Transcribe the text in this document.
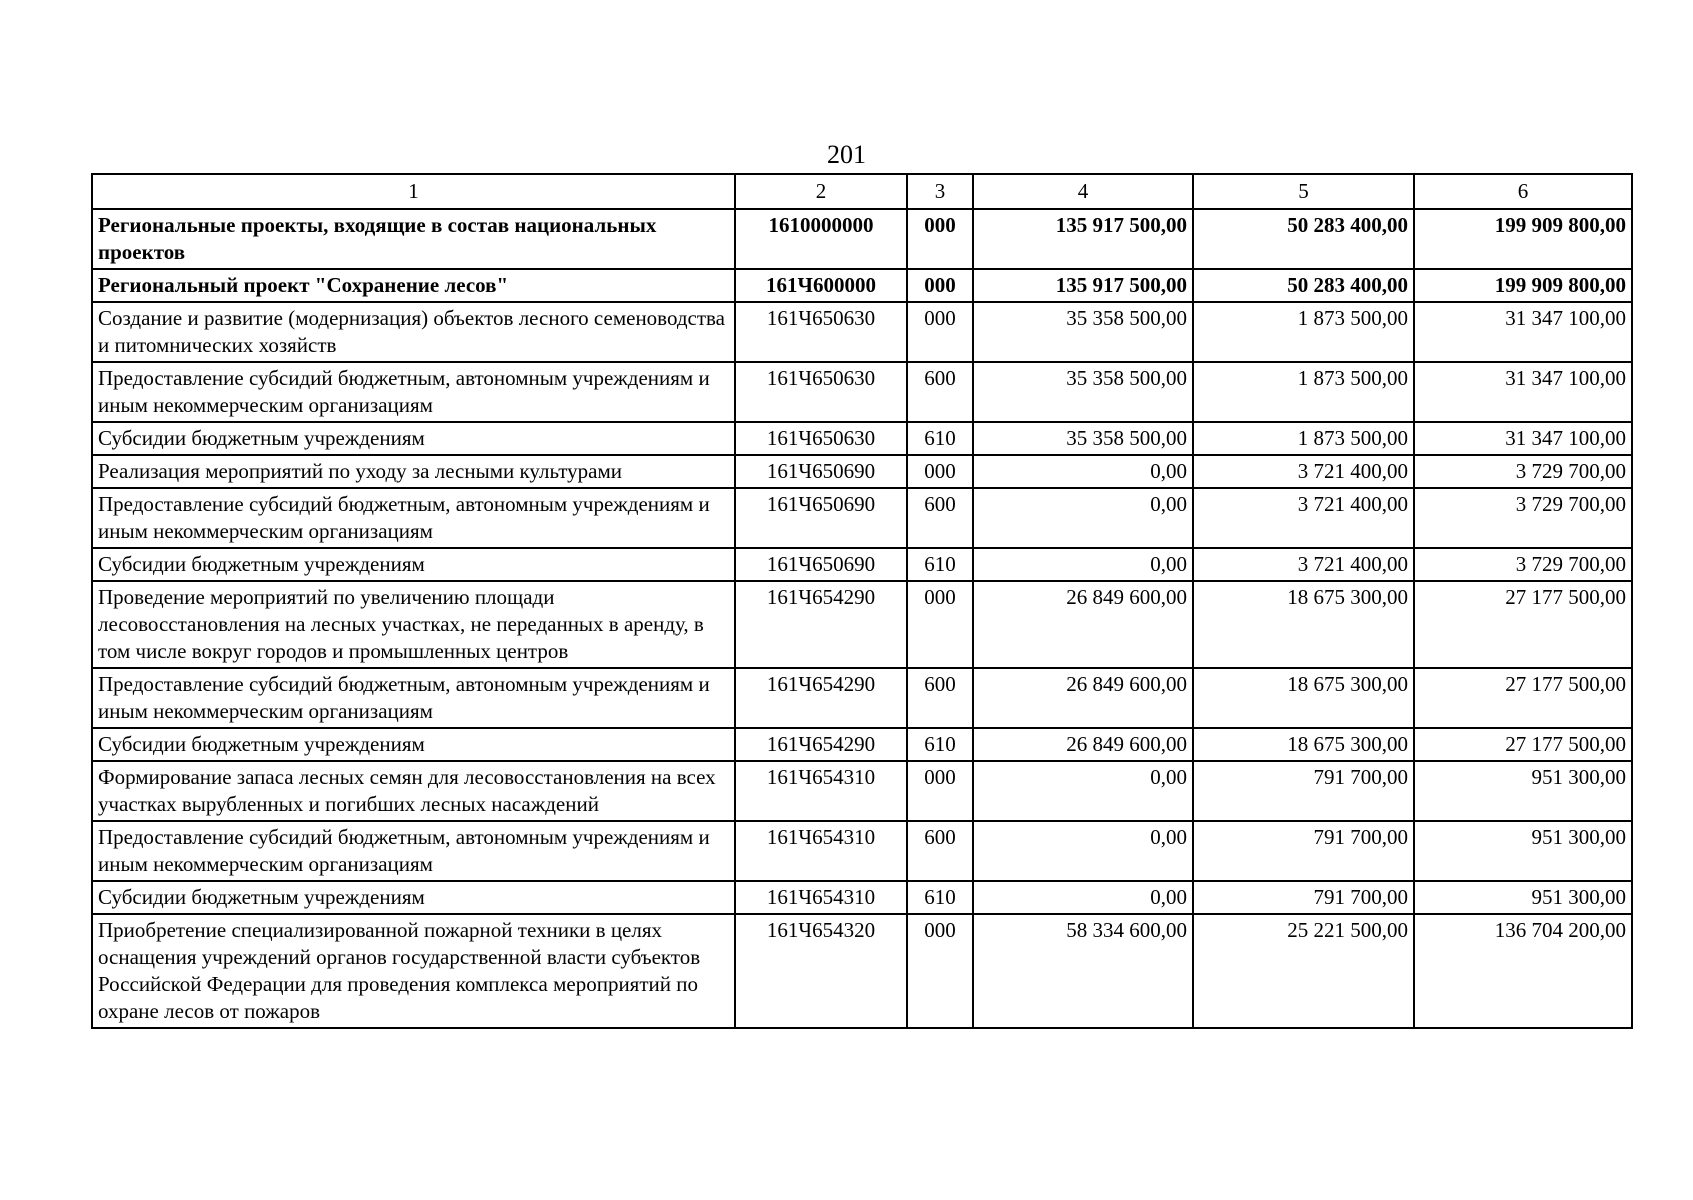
201
1	2	3	4	5	6
Региональные проекты, входящие в состав национальных проектов	1610000000	000	135 917 500,00	50 283 400,00	199 909 800,00
Региональный проект "Сохранение лесов"	161Ч600000	000	135 917 500,00	50 283 400,00	199 909 800,00
Создание и развитие (модернизация) объектов лесного семеноводства и питомнических хозяйств	161Ч650630	000	35 358 500,00	1 873 500,00	31 347 100,00
Предоставление субсидий бюджетным, автономным учреждениям и иным некоммерческим организациям	161Ч650630	600	35 358 500,00	1 873 500,00	31 347 100,00
Субсидии бюджетным учреждениям	161Ч650630	610	35 358 500,00	1 873 500,00	31 347 100,00
Реализация мероприятий по уходу за лесными культурами	161Ч650690	000	0,00	3 721 400,00	3 729 700,00
Предоставление субсидий бюджетным, автономным учреждениям и иным некоммерческим организациям	161Ч650690	600	0,00	3 721 400,00	3 729 700,00
Субсидии бюджетным учреждениям	161Ч650690	610	0,00	3 721 400,00	3 729 700,00
Проведение мероприятий по увеличению площади лесовосстановления на лесных участках, не переданных в аренду, в том числе вокруг городов и промышленных центров	161Ч654290	000	26 849 600,00	18 675 300,00	27 177 500,00
Предоставление субсидий бюджетным, автономным учреждениям и иным некоммерческим организациям	161Ч654290	600	26 849 600,00	18 675 300,00	27 177 500,00
Субсидии бюджетным учреждениям	161Ч654290	610	26 849 600,00	18 675 300,00	27 177 500,00
Формирование запаса лесных семян для лесовосстановления на всех участках вырубленных и погибших лесных насаждений	161Ч654310	000	0,00	791 700,00	951 300,00
Предоставление субсидий бюджетным, автономным учреждениям и иным некоммерческим организациям	161Ч654310	600	0,00	791 700,00	951 300,00
Субсидии бюджетным учреждениям	161Ч654310	610	0,00	791 700,00	951 300,00
Приобретение специализированной пожарной техники в целях оснащения учреждений органов государственной власти субъектов Российской Федерации для проведения комплекса мероприятий по охране лесов от пожаров	161Ч654320	000	58 334 600,00	25 221 500,00	136 704 200,00
